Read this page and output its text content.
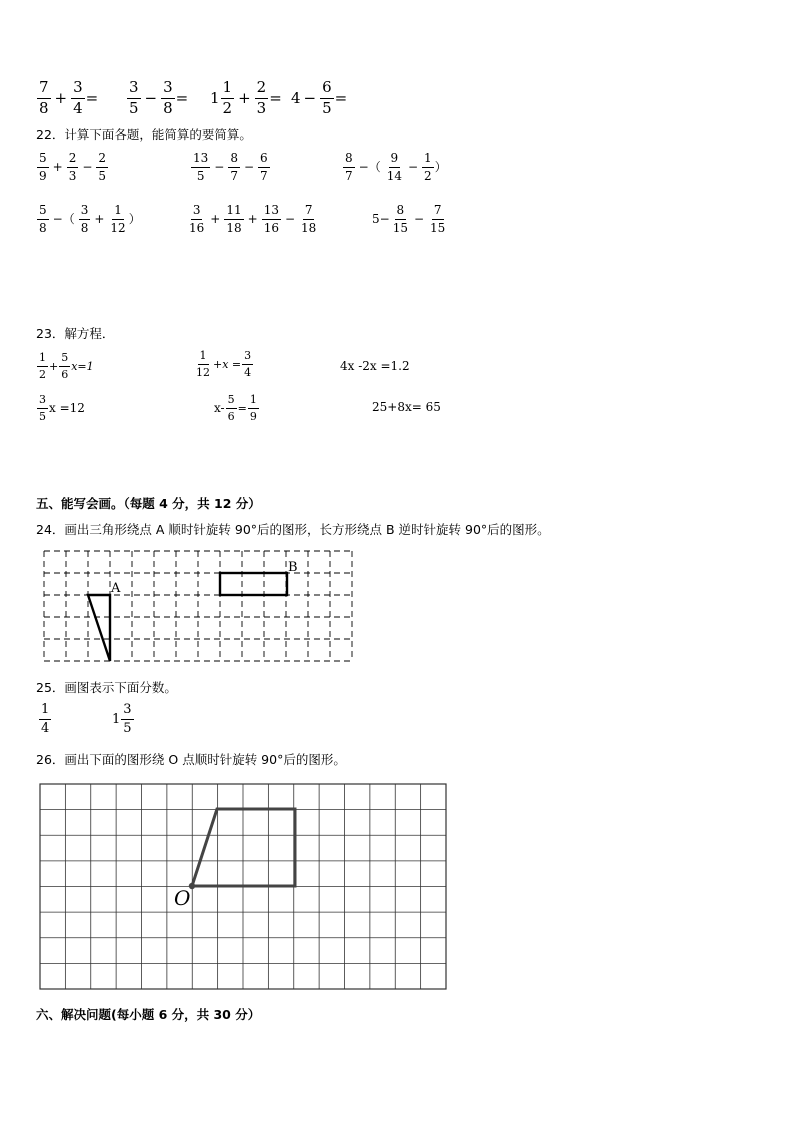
$\frac{7}{8} + \frac{3}{4} = \frac{3}{5} - \frac{3}{8} = 1 \frac{1}{2} + \frac{2}{3} = 4 - \frac{6}{5}$ =
22．计算下面各题，能简算的要简算。
$\frac{5}{9} + \frac{2}{3} - \frac{2}{5}$	$\frac{13}{5} - \frac{8}{7} - \frac{6}{7}$	$\frac{8}{7}$ −（ $\frac{9}{14} - \frac{1}{2}$ ）
$\frac{5}{8}$ −（ $\frac{3}{8} + \frac{1}{12}$ ）	$\frac{3}{16} + \frac{11}{18} + \frac{13}{16} - \frac{7}{18}$	$5- \frac{8}{15} - \frac{7}{15}$
23．解方程．
$\frac{1}{2} + \frac{5}{6} x=1$	$\frac{1}{12} +x = \frac{3}{4}$	4x -2x =1.2
$\frac{3}{5}$ x =12	$x- \frac{5}{6} = \frac{1}{9}$	25+8x= 65
五、能写会画。（每题 4 分，共 12 分）
24．画出三角形绕点 A 顺时针旋转 90°后的图形，长方形绕点 B 逆时针旋转 90°后的图形。
A
B
25．画图表示下面分数。
$\frac{1}{4}$	$1 \frac{3}{5}$
26．画出下面的图形绕 O 点顺时针旋转 90°后的图形。
O
六、解决问题(每小题 6 分，共 30 分）
